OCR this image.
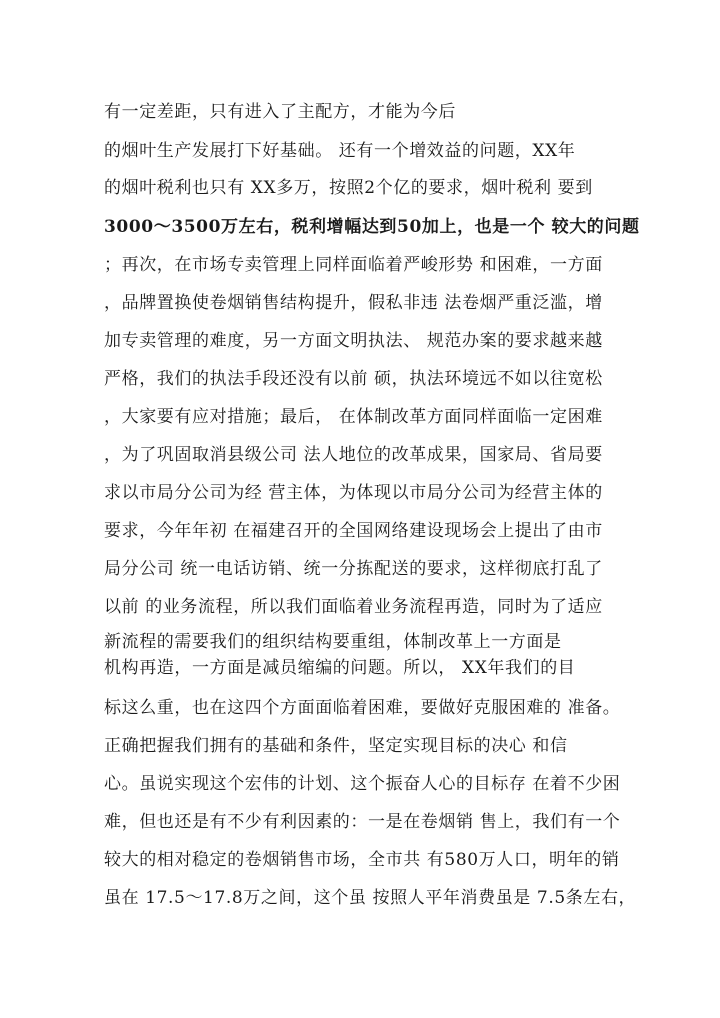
有一定差距，只有进入了主配方，才能为今后
的烟叶生产发展打下好基础。 还有一个增效益的问题，XX年
的烟叶税利也只有 XX多万，按照2个亿的要求，烟叶税利 要到
3000～3500万左右，税利增幅达到50加上，也是一个 较大的问题
；再次，在市场专卖管理上同样面临着严峻形势 和困难，一方面
，品牌置换使卷烟销售结构提升，假私非违 法卷烟严重泛滥，增
加专卖管理的难度，另一方面文明执法、 规范办案的要求越来越
严格，我们的执法手段还没有以前 硕，执法环境远不如以往宽松
，大家要有应对措施；最后， 在体制改革方面同样面临一定困难
，为了巩固取消县级公司 法人地位的改革成果，国家局、省局要
求以市局分公司为经 营主体，为体现以市局分公司为经营主体的
要求，今年年初 在福建召开的全国网络建设现场会上提出了由市
局分公司 统一电话访销、统一分拣配送的要求，这样彻底打乱了
以前 的业务流程，所以我们面临着业务流程再造，同时为了适应
新流程的需要我们的组织结构要重组，体制改革上一方面是
机构再造，一方面是减员缩编的问题。所以， XX年我们的目
标这么重，也在这四个方面面临着困难，要做好克服困难的 准备。
正确把握我们拥有的基础和条件，坚定实现目标的决心 和信
心。虽说实现这个宏伟的计划、这个振奋人心的目标存 在着不少困
难，但也还是有不少有利因素的：一是在卷烟销 售上，我们有一个
较大的相对稳定的卷烟销售市场，全市共 有580万人口，明年的销
虽在 17.5～17.8万之间，这个虽 按照人平年消费虽是 7.5条左右，
